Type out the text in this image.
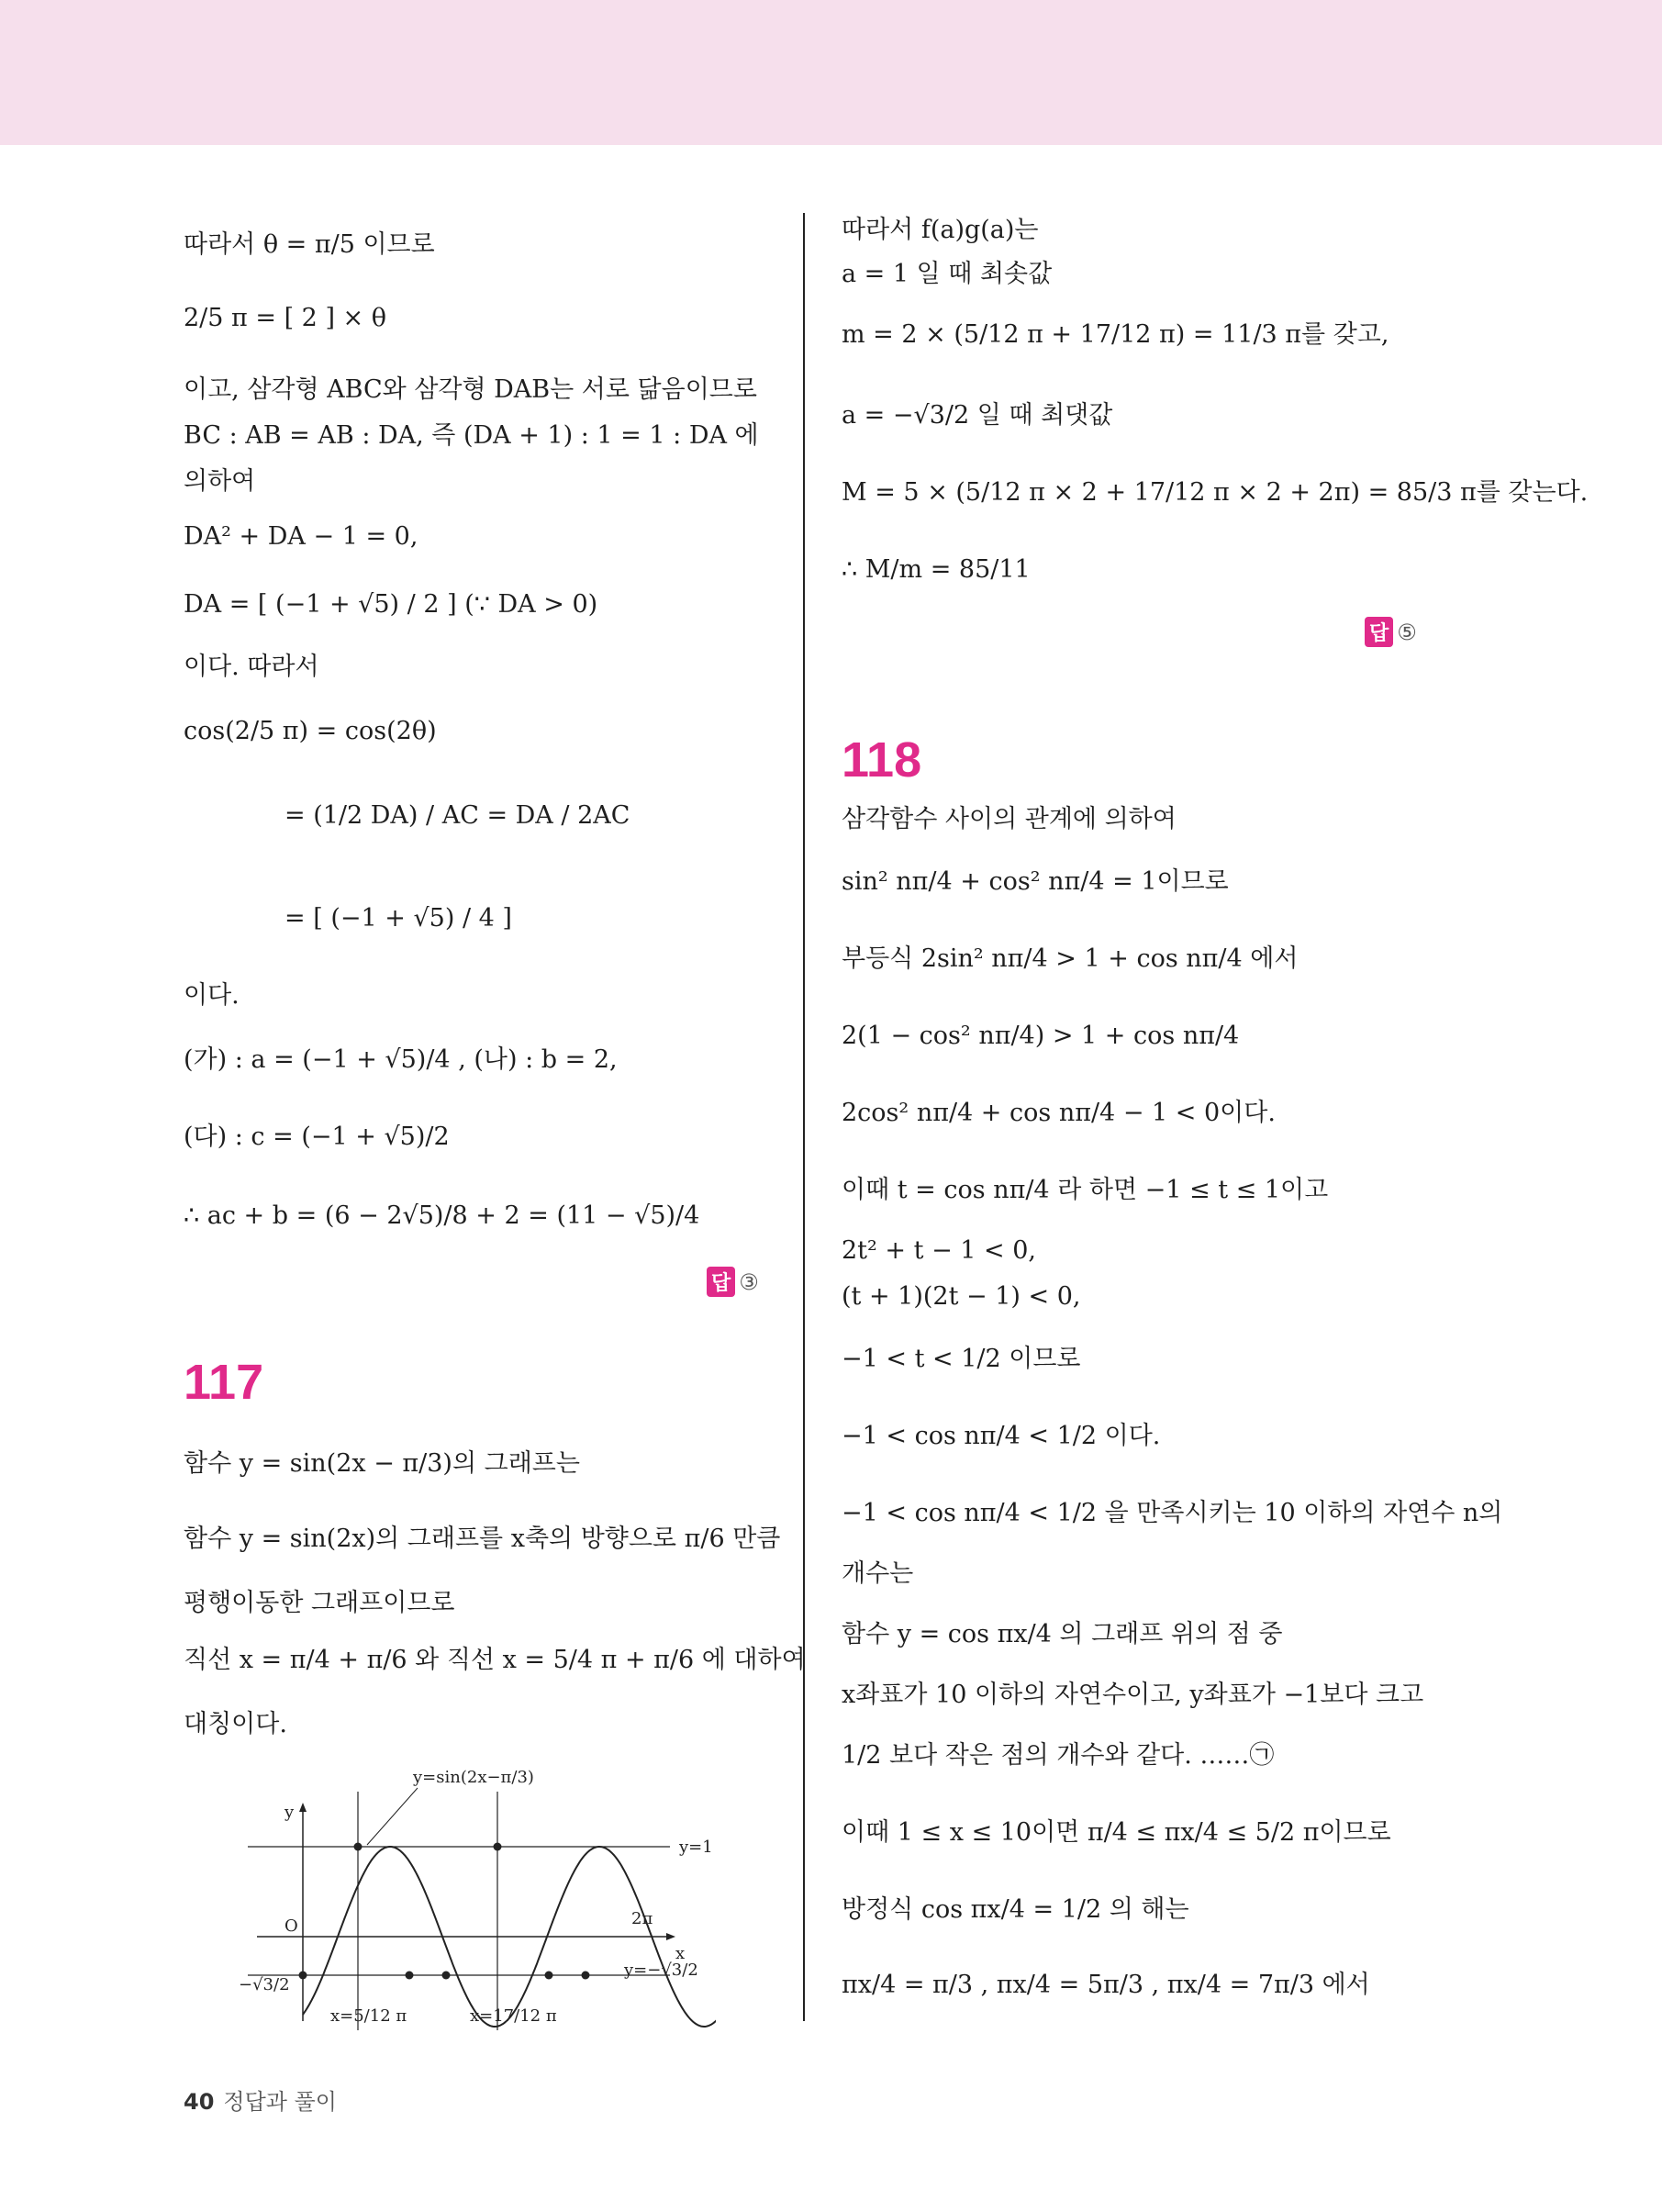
따라서 θ = π/5 이므로
2/5 π = [ 2 ] × θ
이고, 삼각형 ABC와 삼각형 DAB는 서로 닮음이므로
BC : AB = AB : DA, 즉 (DA + 1) : 1 = 1 : DA 에
의하여
DA² + DA − 1 = 0,
DA = [ (−1 + √5) / 2 ] (∵ DA > 0)
이다. 따라서
cos(2/5 π) = cos(2θ)
= (1/2 DA) / AC = DA / 2AC
= [ (−1 + √5) / 4 ]
이다.
(가) : a = (−1 + √5)/4 , (나) : b = 2,
(다) : c = (−1 + √5)/2
∴ ac + b = (6 − 2√5)/8 + 2 = (11 − √5)/4
답 ③
117
함수 y = sin(2x − π/3)의 그래프는
함수 y = sin(2x)의 그래프를 x축의 방향으로 π/6 만큼
평행이동한 그래프이므로
직선 x = π/4 + π/6 와 직선 x = 5/4 π + π/6 에 대하여
대칭이다.
y=sin(2x−π/3)
y
x
O
y=1
y=−√3/2
−√3/2
2π
x=5/12 π	x=17/12 π
따라서 f(a)g(a)는
a = 1 일 때 최솟값
m = 2 × (5/12 π + 17/12 π) = 11/3 π를 갖고,
a = −√3/2 일 때 최댓값
M = 5 × (5/12 π × 2 + 17/12 π × 2 + 2π) = 85/3 π를 갖는다.
∴ M/m = 85/11
답 ⑤
118
삼각함수 사이의 관계에 의하여
sin² nπ/4 + cos² nπ/4 = 1이므로
부등식 2sin² nπ/4 > 1 + cos nπ/4 에서
2(1 − cos² nπ/4) > 1 + cos nπ/4
2cos² nπ/4 + cos nπ/4 − 1 < 0이다.
이때 t = cos nπ/4 라 하면 −1 ≤ t ≤ 1이고
2t² + t − 1 < 0,
(t + 1)(2t − 1) < 0,
−1 < t < 1/2 이므로
−1 < cos nπ/4 < 1/2 이다.
−1 < cos nπ/4 < 1/2 을 만족시키는 10 이하의 자연수 n의
개수는
함수 y = cos πx/4 의 그래프 위의 점 중
x좌표가 10 이하의 자연수이고, y좌표가 −1보다 크고
1/2 보다 작은 점의 개수와 같다. ……㉠
이때 1 ≤ x ≤ 10이면 π/4 ≤ πx/4 ≤ 5/2 π이므로
방정식 cos πx/4 = 1/2 의 해는
πx/4 = π/3 , πx/4 = 5π/3 , πx/4 = 7π/3 에서
40 정답과 풀이
